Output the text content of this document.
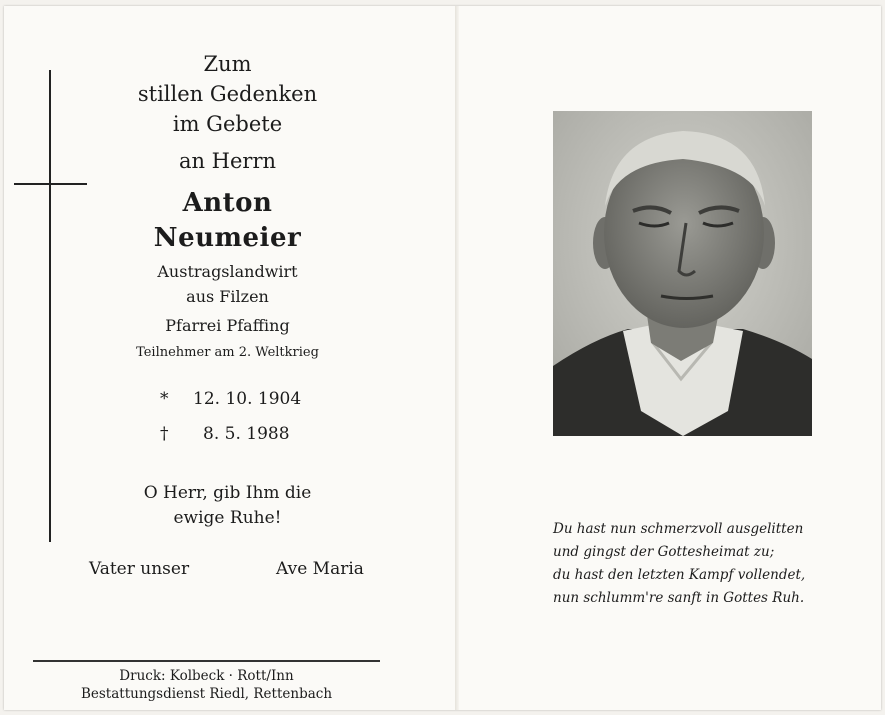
Zum
stillen Gedenken
im Gebete
an Herrn
Anton
Neumeier
Austragslandwirt
aus Filzen
Pfarrei Pfaffing
Teilnehmer am 2. Weltkrieg
* 12. 10. 1904
† 8. 5. 1988
O Herr, gib Ihm die
ewige Ruhe!
Vater unser	Ave Maria
Druck: Kolbeck · Rott/Inn
Bestattungsdienst Riedl, Rettenbach
Du hast nun schmerzvoll ausgelitten
und gingst der Gottesheimat zu;
du hast den letzten Kampf vollendet,
nun schlumm're sanft in Gottes Ruh.
